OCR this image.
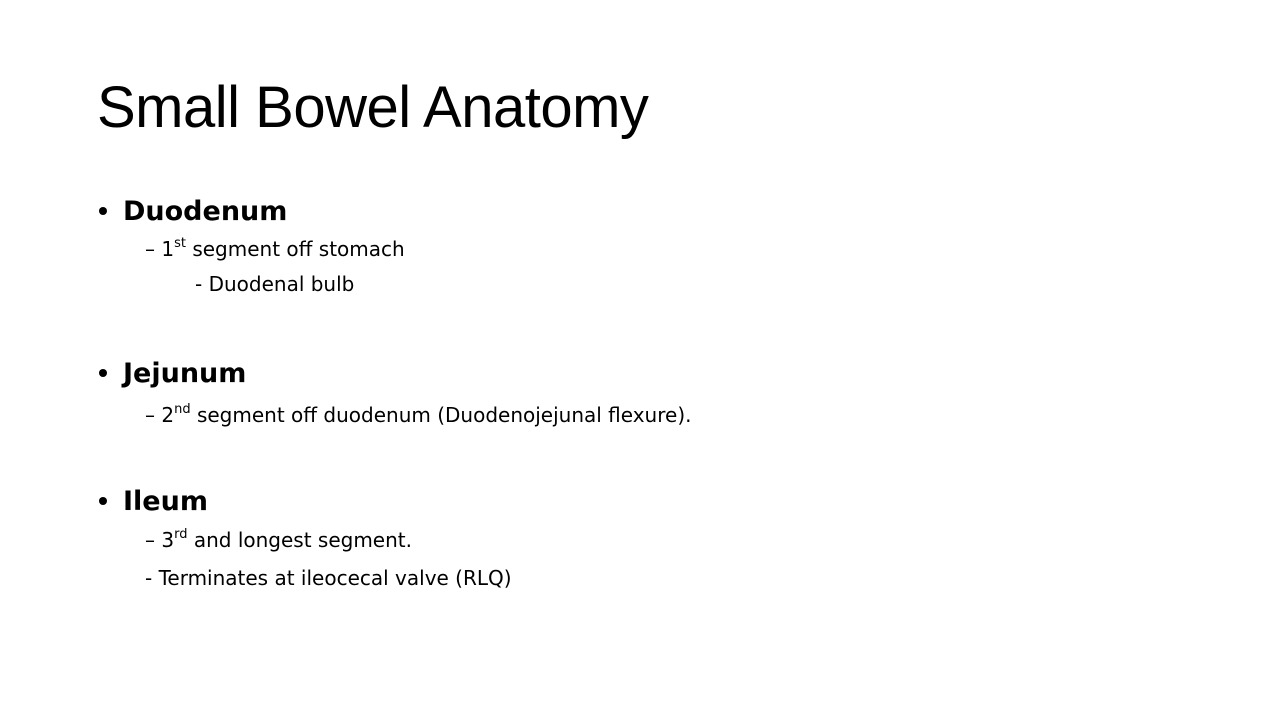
Small Bowel Anatomy
Duodenum
– 1st segment off stomach
- Duodenal bulb
Jejunum
– 2nd segment off duodenum (Duodenojejunal flexure).
Ileum
– 3rd and longest segment.
- Terminates at ileocecal valve (RLQ)
